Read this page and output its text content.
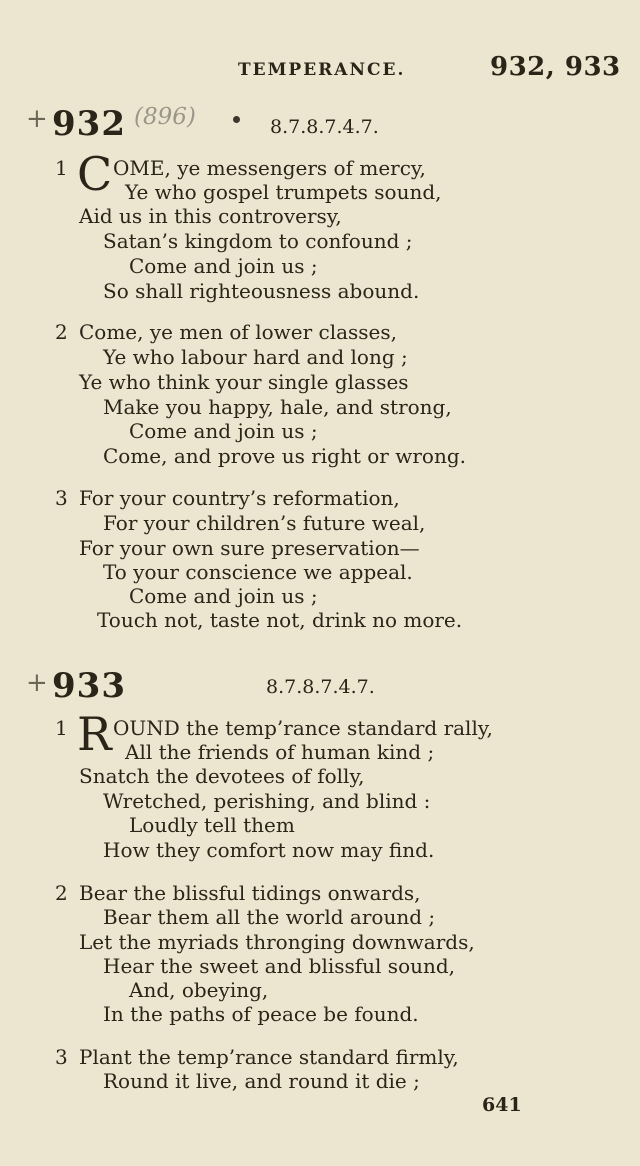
TEMPERANCE.	932, 933
+ 932 (896)	8.7.8.7.4.7.
1 C OME, ye messengers of mercy,
Ye who gospel trumpets sound,
Aid us in this controversy,
Satan’s kingdom to confound ;
Come and join us ;
So shall righteousness abound.
2 Come, ye men of lower classes,
Ye who labour hard and long ;
Ye who think your single glasses
Make you happy, hale, and strong,
Come and join us ;
Come, and prove us right or wrong.
3 For your country’s reformation,
For your children’s future weal,
For your own sure preservation—
To your conscience we appeal.
Come and join us ;
Touch not, taste not, drink no more.
+ 933	8.7.8.7.4.7.
1 R OUND the temp’rance standard rally,
All the friends of human kind ;
Snatch the devotees of folly,
Wretched, perishing, and blind :
Loudly tell them
How they comfort now may find.
2 Bear the blissful tidings onwards,
Bear them all the world around ;
Let the myriads thronging downwards,
Hear the sweet and blissful sound,
And, obeying,
In the paths of peace be found.
3 Plant the temp’rance standard firmly,
Round it live, and round it die ;
641
